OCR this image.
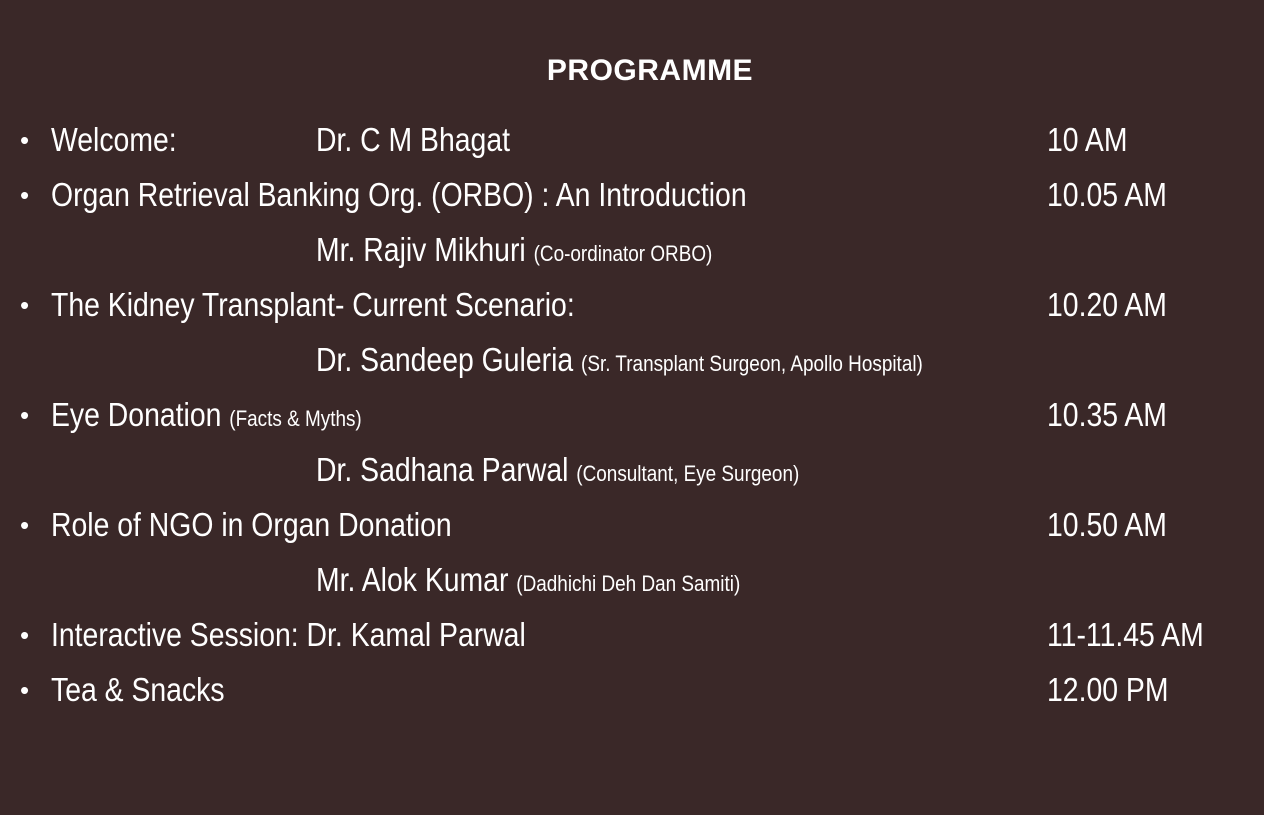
PROGRAMME
• Welcome:	Dr. C M Bhagat	10 AM
• Organ Retrieval Banking Org. (ORBO) : An Introduction	10.05 AM
Mr. Rajiv Mikhuri (Co-ordinator ORBO)
• The Kidney Transplant- Current Scenario:	10.20 AM
Dr. Sandeep Guleria (Sr. Transplant Surgeon, Apollo Hospital)
• Eye Donation (Facts & Myths)	10.35 AM
Dr. Sadhana Parwal (Consultant, Eye Surgeon)
• Role of NGO in Organ Donation	10.50 AM
Mr. Alok Kumar (Dadhichi Deh Dan Samiti)
• Interactive Session: Dr. Kamal Parwal	11-11.45 AM
• Tea & Snacks	12.00 PM
